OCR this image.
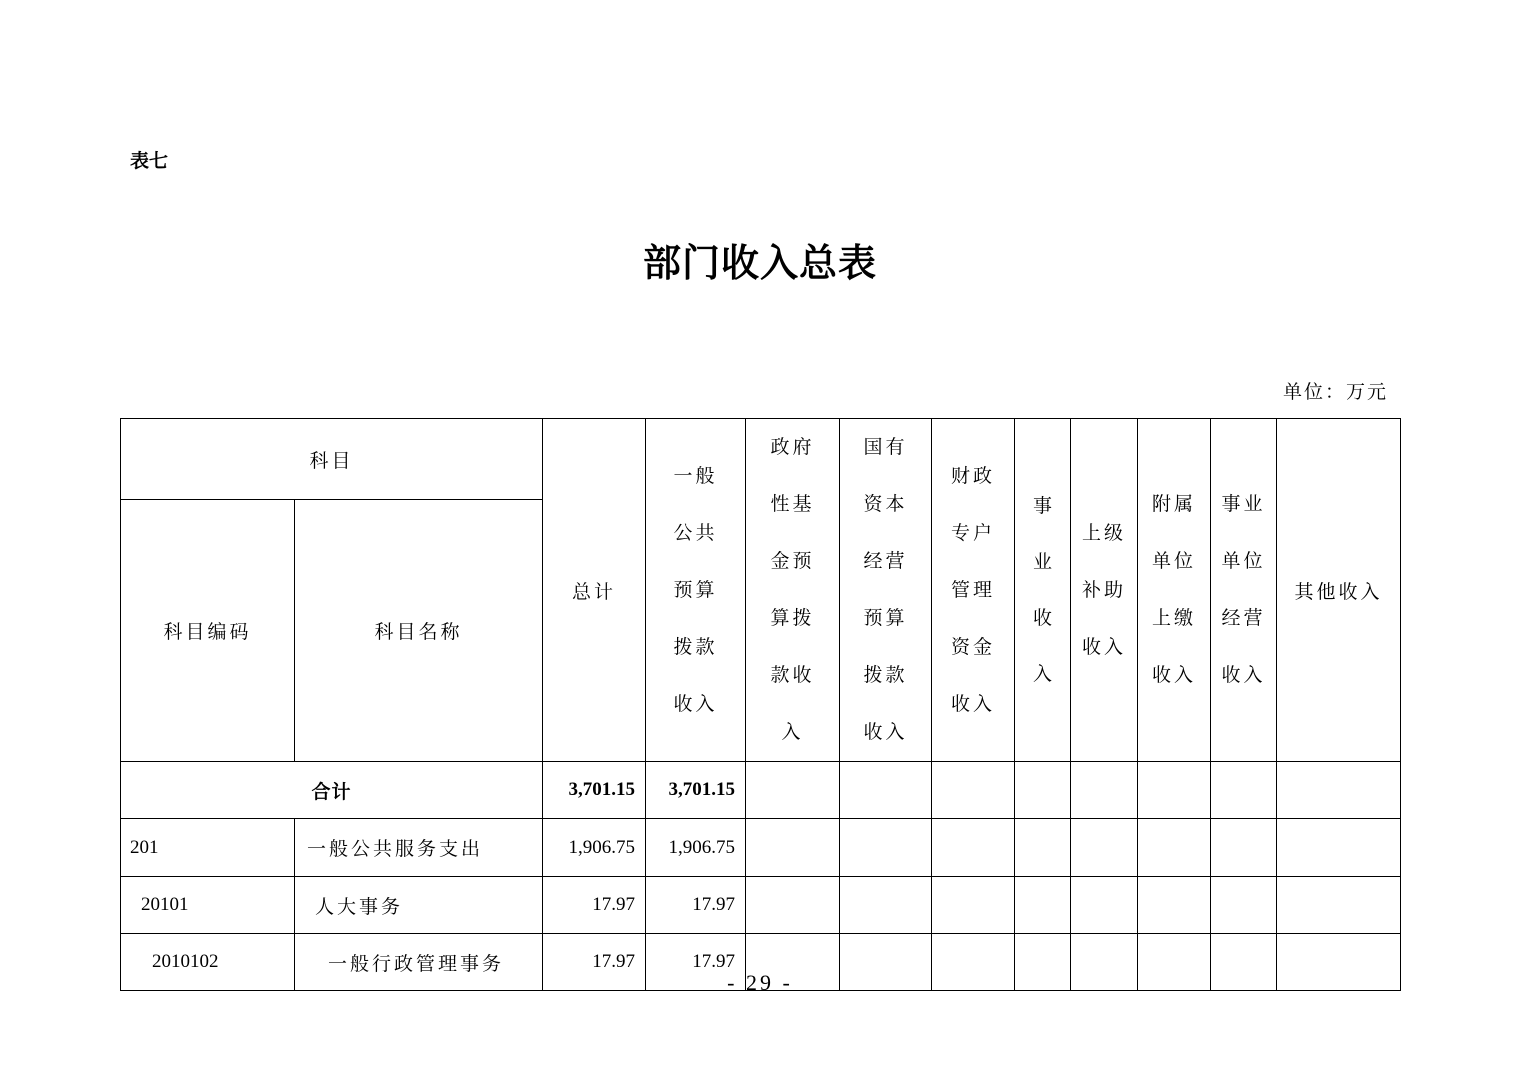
表七
部门收入总表
单位：万元
科目		总计	一般公共预算拨款收入	政府性基金预算拨款收入	国有资本经营预算拨款收入	财政专户管理资金收入	事业收入	上级补助收入	附属单位上缴收入	事业单位经营收入	其他收入
科目编码	科目名称										
合计		3,701.15	3,701.15								
201	一般公共服务支出	1,906.75	1,906.75								
20101	人大事务	17.97	17.97								
2010102	一般行政管理事务	17.97	17.97								
- 29 -
